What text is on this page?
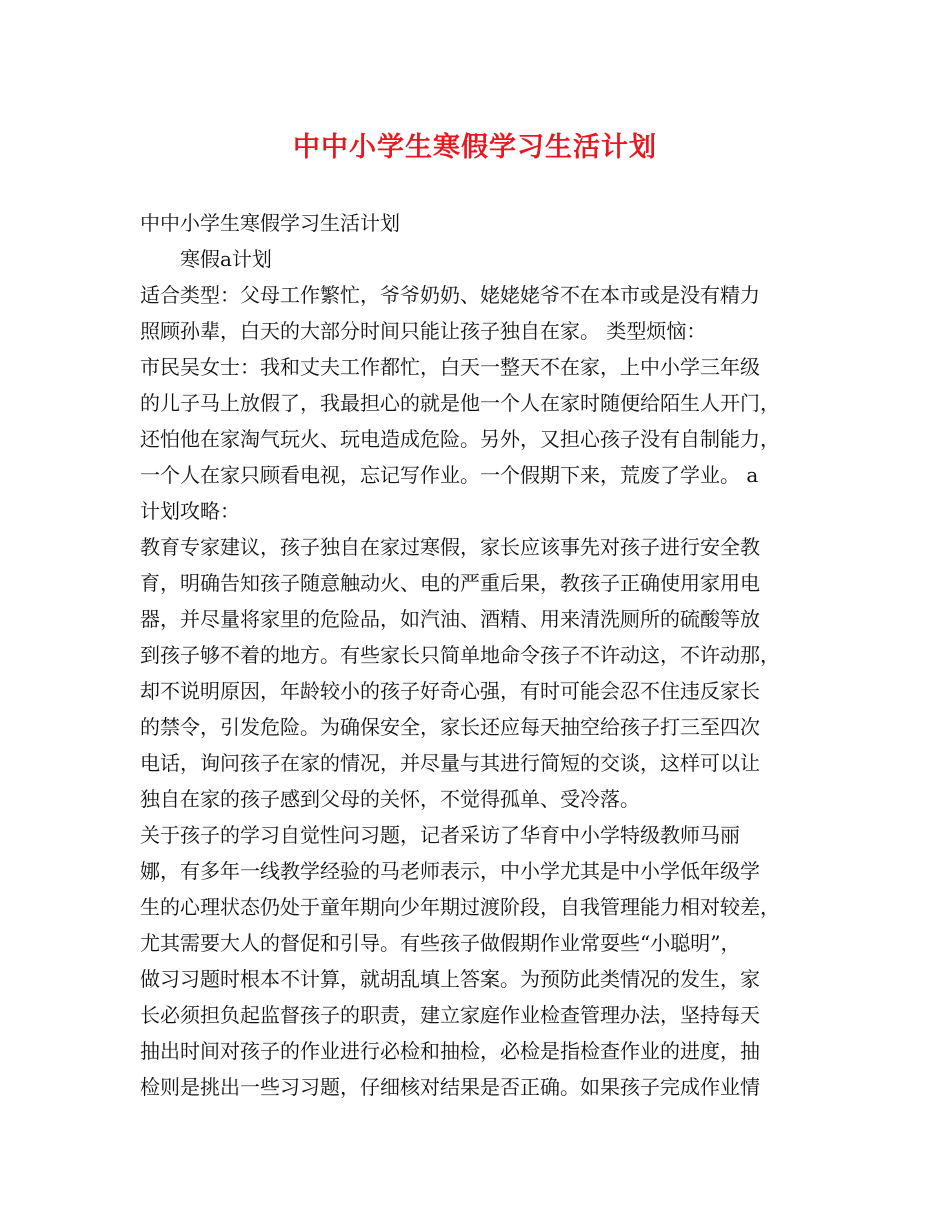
中中小学生寒假学习生活计划
中中小学生寒假学习生活计划
寒假a计划
适合类型：父母工作繁忙，爷爷奶奶、姥姥姥爷不在本市或是没有精力
照顾孙辈，白天的大部分时间只能让孩子独自在家。 类型烦恼：
市民吴女士：我和丈夫工作都忙，白天一整天不在家，上中小学三年级
的儿子马上放假了，我最担心的就是他一个人在家时随便给陌生人开门，
还怕他在家淘气玩火、玩电造成危险。另外，又担心孩子没有自制能力，
一个人在家只顾看电视，忘记写作业。一个假期下来，荒废了学业。 a
计划攻略：
教育专家建议，孩子独自在家过寒假，家长应该事先对孩子进行安全教
育，明确告知孩子随意触动火、电的严重后果，教孩子正确使用家用电
器，并尽量将家里的危险品，如汽油、酒精、用来清洗厕所的硫酸等放
到孩子够不着的地方。有些家长只简单地命令孩子不许动这，不许动那，
却不说明原因，年龄较小的孩子好奇心强，有时可能会忍不住违反家长
的禁令，引发危险。为确保安全，家长还应每天抽空给孩子打三至四次
电话，询问孩子在家的情况，并尽量与其进行简短的交谈，这样可以让
独自在家的孩子感到父母的关怀，不觉得孤单、受冷落。
关于孩子的学习自觉性问习题，记者采访了华育中小学特级教师马丽
娜，有多年一线教学经验的马老师表示，中小学尤其是中小学低年级学
生的心理状态仍处于童年期向少年期过渡阶段，自我管理能力相对较差，
尤其需要大人的督促和引导。有些孩子做假期作业常耍些“小聪明”，
做习习题时根本不计算，就胡乱填上答案。为预防此类情况的发生，家
长必须担负起监督孩子的职责，建立家庭作业检查管理办法，坚持每天
抽出时间对孩子的作业进行必检和抽检，必检是指检查作业的进度，抽
检则是挑出一些习习题，仔细核对结果是否正确。如果孩子完成作业情
